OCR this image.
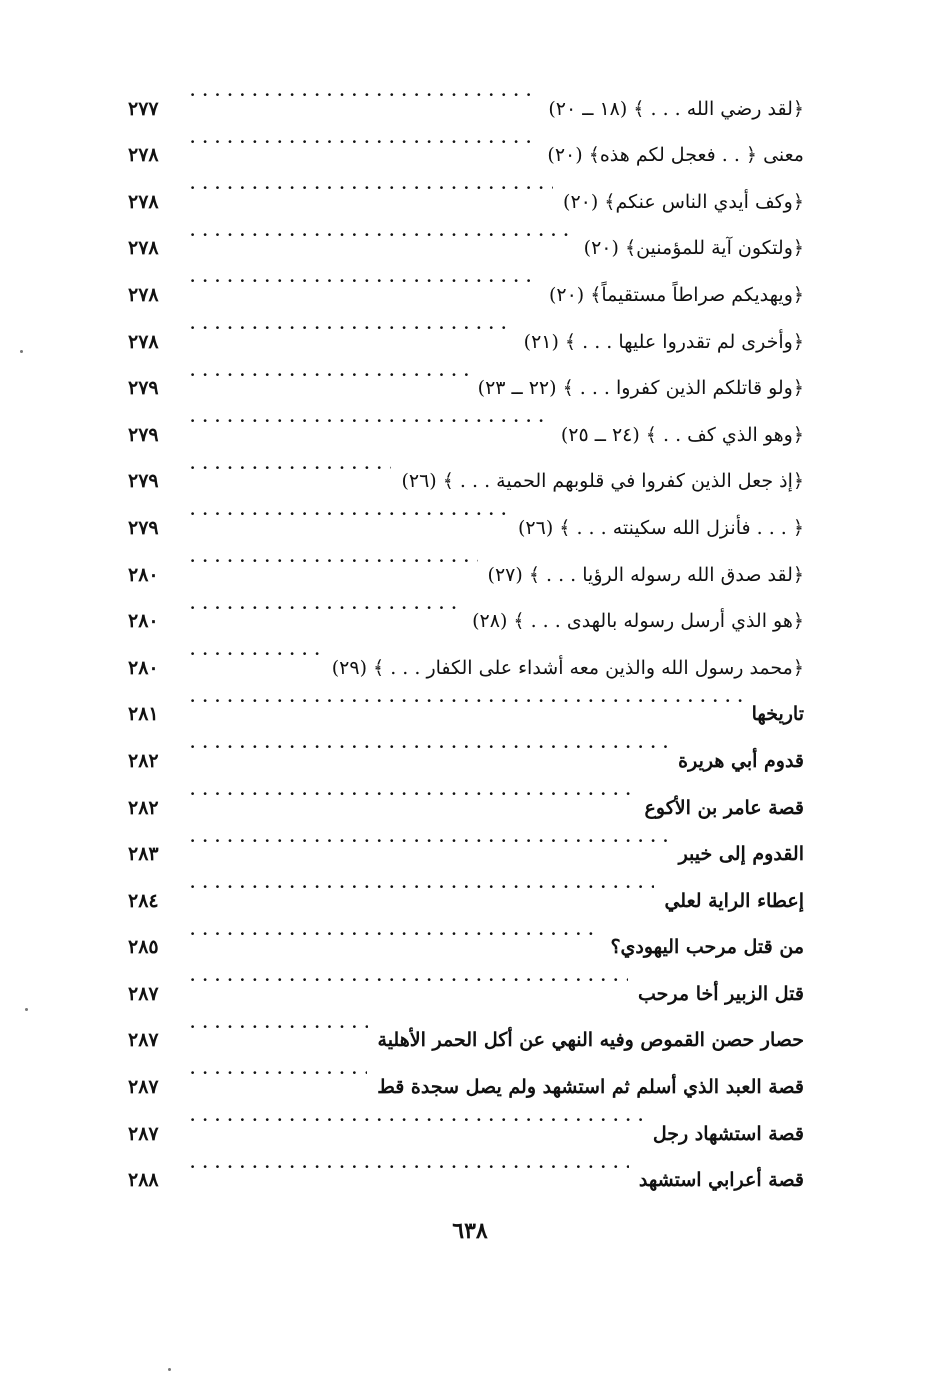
﴿لقد رضي الله . . . ﴾ (١٨ ــ ٢٠)
. . .
٢٧٧
معنى ﴿ . . فعجل لكم هذه﴾ (٢٠)
. . .
٢٧٨
﴿وكف أيدي الناس عنكم﴾ (٢٠)
. . .
٢٧٨
﴿ولتكون آية للمؤمنين﴾ (٢٠)
. . .
٢٧٨
﴿ويهديكم صراطاً مستقيماً﴾ (٢٠)
. . .
٢٧٨
﴿وأخرى لم تقدروا عليها . . . ﴾ (٢١)
. . .
٢٧٨
﴿ولو قاتلكم الذين كفروا . . . ﴾ (٢٢ ــ ٢٣)
. . .
٢٧٩
﴿وهو الذي كف . . ﴾ (٢٤ ــ ٢٥)
. . .
٢٧٩
﴿إذ جعل الذين كفروا في قلوبهم الحمية . . . ﴾ (٢٦)
. . .
٢٧٩
﴿ . . . فأنزل الله سكينته . . . ﴾ (٢٦)
. . .
٢٧٩
﴿لقد صدق الله رسوله الرؤيا . . . ﴾ (٢٧)
. . .
٢٨٠
﴿هو الذي أرسل رسوله بالهدى . . . ﴾ (٢٨)
. . .
٢٨٠
﴿محمد رسول الله والذين معه أشداء على الكفار . . . ﴾ (٢٩)
. . .
٢٨٠
تاريخها
. . .
٢٨١
قدوم أبي هريرة
. . .
٢٨٢
قصة عامر بن الأكوع
. . .
٢٨٢
القدوم إلى خيبر
. . .
٢٨٣
إعطاء الراية لعلي
. . .
٢٨٤
من قتل مرحب اليهودي؟
. . .
٢٨٥
قتل الزبير أخا مرحب
. . .
٢٨٧
حصار حصن القموص وفيه النهي عن أكل الحمر الأهلية
. . .
٢٨٧
قصة العبد الذي أسلم ثم استشهد ولم يصل سجدة قط
. . .
٢٨٧
قصة استشهاد رجل
. . .
٢٨٧
قصة أعرابي استشهد
. . .
٢٨٨
٦٣٨
